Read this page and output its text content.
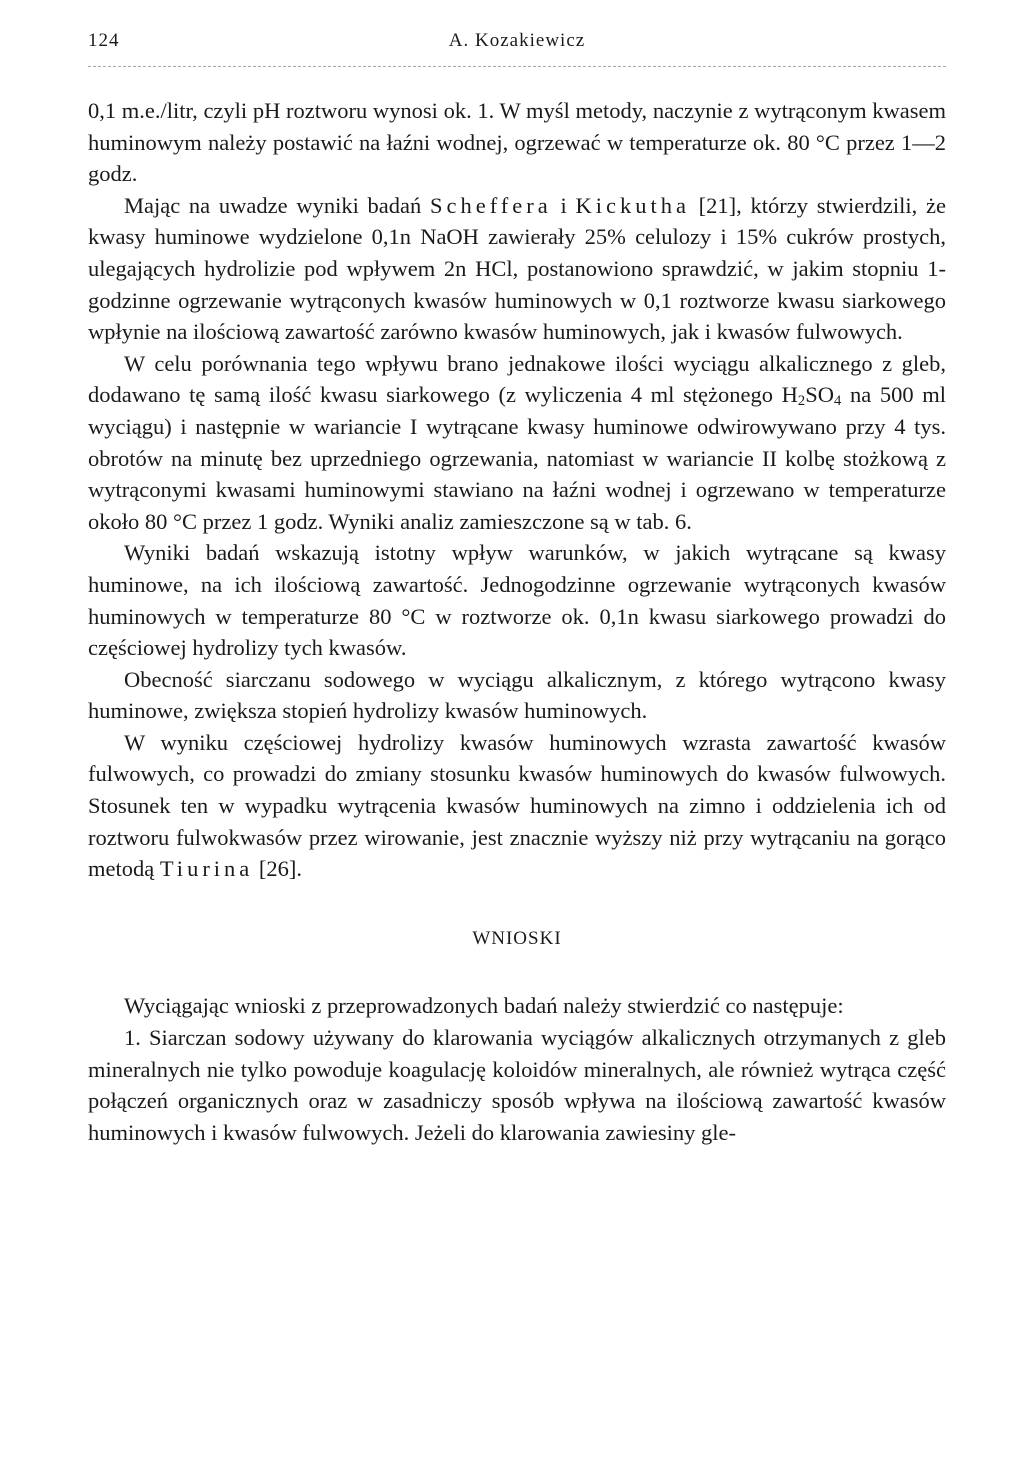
124	A. Kozakiewicz

0,1 m.e./litr, czyli pH roztworu wynosi ok. 1. W myśl metody, naczynie z wytrąconym kwasem huminowym należy postawić na łaźni wodnej, ogrzewać w temperaturze ok. 80 °C przez 1—2 godz.

Mając na uwadze wyniki badań Scheffera i Kickutha [21], którzy stwierdzili, że kwasy huminowe wydzielone 0,1n NaOH zawierały 25% celulozy i 15% cukrów prostych, ulegających hydrolizie pod wpływem 2n HCl, postanowiono sprawdzić, w jakim stopniu 1-godzinne ogrzewanie wytrąconych kwasów huminowych w 0,1 roztworze kwasu siarkowego wpłynie na ilościową zawartość zarówno kwasów huminowych, jak i kwasów fulwowych.

W celu porównania tego wpływu brano jednakowe ilości wyciągu alkalicznego z gleb, dodawano tę samą ilość kwasu siarkowego (z wyliczenia 4 ml stężonego $H_2SO_4$ na 500 ml wyciągu) i następnie w wariancie I wytrącane kwasy huminowe odwirowywano przy 4 tys. obrotów na minutę bez uprzedniego ogrzewania, natomiast w wariancie II kolbę stożkową z wytrąconymi kwasami huminowymi stawiano na łaźni wodnej i ogrzewano w temperaturze około 80 °C przez 1 godz. Wyniki analiz zamieszczone są w tab. 6.

Wyniki badań wskazują istotny wpływ warunków, w jakich wytrącane są kwasy huminowe, na ich ilościową zawartość. Jednogodzinne ogrzewanie wytrąconych kwasów huminowych w temperaturze 80 °C w roztworze ok. 0,1n kwasu siarkowego prowadzi do częściowej hydrolizy tych kwasów.

Obecność siarczanu sodowego w wyciągu alkalicznym, z którego wytrącono kwasy huminowe, zwiększa stopień hydrolizy kwasów huminowych.

W wyniku częściowej hydrolizy kwasów huminowych wzrasta zawartość kwasów fulwowych, co prowadzi do zmiany stosunku kwasów huminowych do kwasów fulwowych. Stosunek ten w wypadku wytrącenia kwasów huminowych na zimno i oddzielenia ich od roztworu fulwokwasów przez wirowanie, jest znacznie wyższy niż przy wytrącaniu na gorąco metodą Tiurina [26].

WNIOSKI

Wyciągając wnioski z przeprowadzonych badań należy stwierdzić co następuje:

1. Siarczan sodowy używany do klarowania wyciągów alkalicznych otrzymanych z gleb mineralnych nie tylko powoduje koagulację koloidów mineralnych, ale również wytrąca część połączeń organicznych oraz w zasadniczy sposób wpływa na ilościową zawartość kwasów huminowych i kwasów fulwowych. Jeżeli do klarowania zawiesiny gle-
